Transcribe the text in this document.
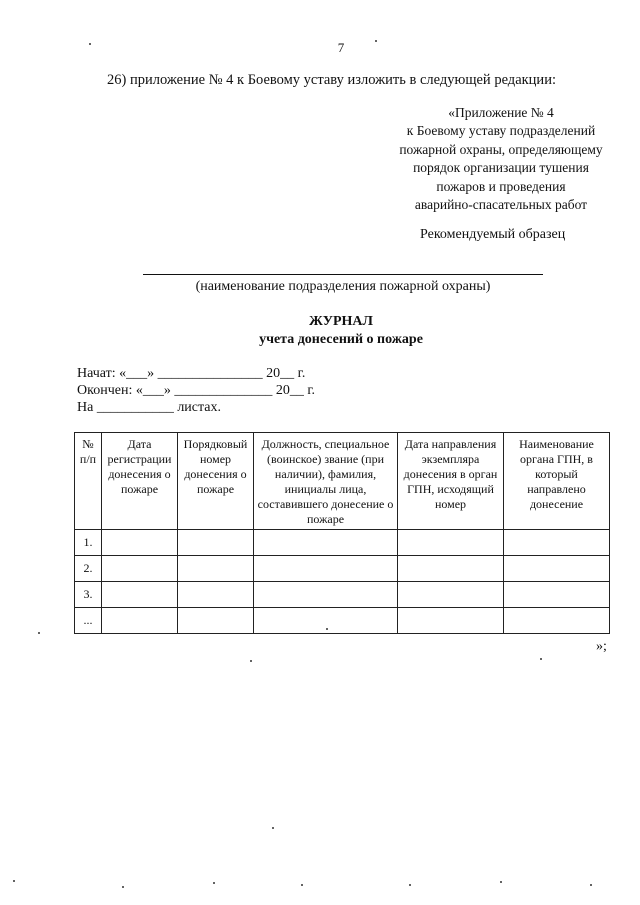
7
26) приложение № 4 к Боевому уставу изложить в следующей редакции:
«Приложение № 4
к Боевому уставу подразделений
пожарной охраны, определяющему
порядок организации тушения
пожаров и проведения
аварийно-спасательных работ
Рекомендуемый образец
(наименование подразделения пожарной охраны)
ЖУРНАЛ
учета донесений о пожаре
Начат: «___» _______________ 20__ г.
Окончен: «___» ______________ 20__ г.
На ___________ листах.
№ п/п	Дата регистрации донесения о пожаре	Порядковый номер донесения о пожаре	Должность, специальное (воинское) звание (при наличии), фамилия, инициалы лица, составившего донесение о пожаре	Дата направления экземпляра донесения в орган ГПН, исходящий номер	Наименование органа ГПН, в который направлено донесение
1.					
2.					
3.					
...					
»;
